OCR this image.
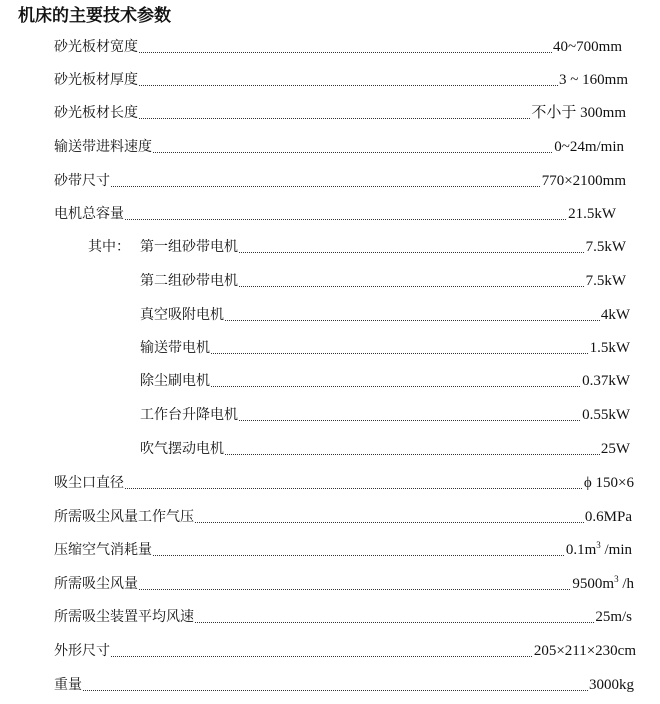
机床的主要技术参数
砂光板材宽度	40~700mm
砂光板材厚度	3 ~ 160mm
砂光板材长度	不小于 300mm
输送带进料速度	0~24m/min
砂带尺寸	770×2100mm
电机总容量	21.5kW
其中： 第一组砂带电机	7.5kW
第二组砂带电机	7.5kW
真空吸附电机	4kW
输送带电机	1.5kW
除尘刷电机	0.37kW
工作台升降电机	0.55kW
吹气摆动电机	25W
吸尘口直径	ϕ 150×6
所需吸尘风量工作气压	0.6MPa
压缩空气消耗量	$0.1m^3$ /min
所需吸尘风量	$9500m^3$ /h
所需吸尘装置平均风速	25m/s
外形尺寸	205×211×230cm
重量	3000kg
